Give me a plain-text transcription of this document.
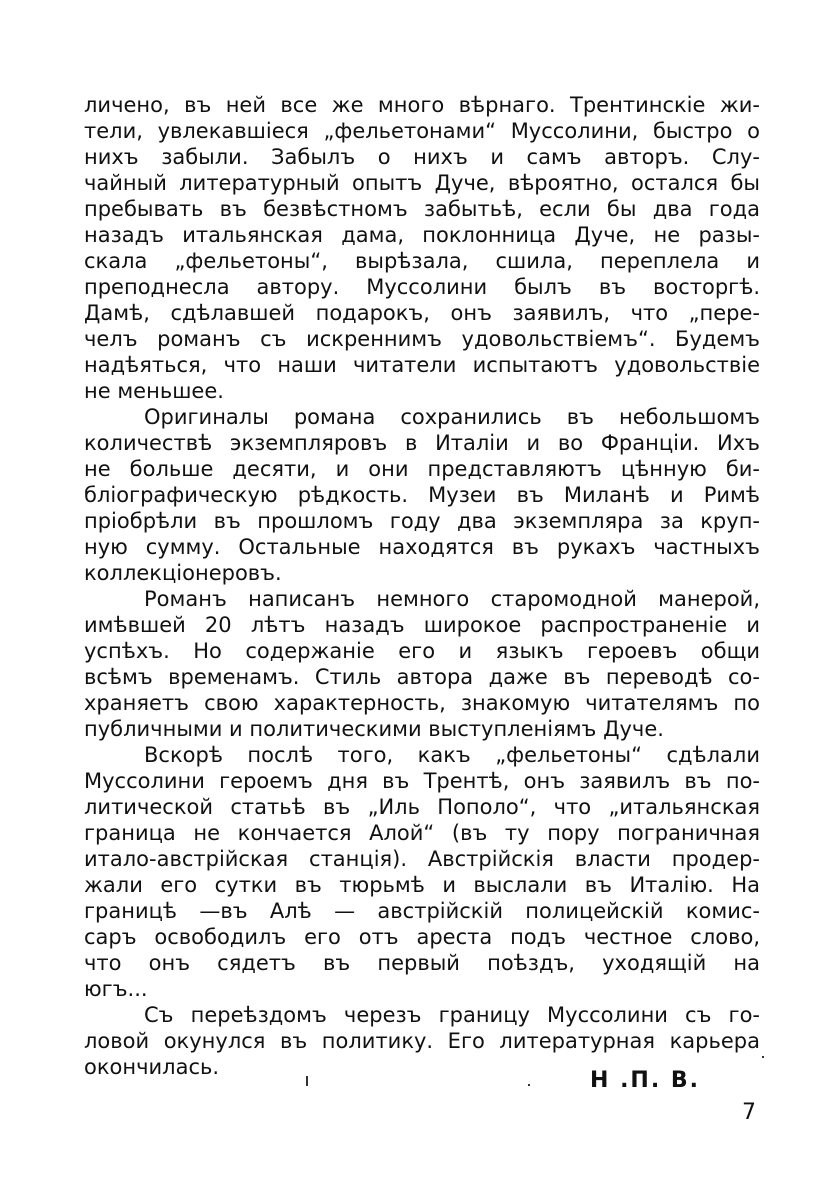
личено, въ ней все же много вѣрнаго. Трентинскіе жи-
тели, увлекавшіеся „фельетонами“ Муссолини, быстро о
нихъ забыли. Забылъ о нихъ и самъ авторъ. Слу-
чайный литературный опытъ Дуче, вѣроятно, остался бы
пребывать въ безвѣстномъ забытьѣ, если бы два года
назадъ итальянская дама, поклонница Дуче, не разы-
скала „фельетоны“, вырѣзала, сшила, переплела и
преподнесла автору. Муссолини былъ въ восторгѣ.
Дамѣ, сдѣлавшей подарокъ, онъ заявилъ, что „пере-
челъ романъ съ искреннимъ удовольствіемъ“. Будемъ
надѣяться, что наши читатели испытаютъ удовольствіе
не меньшее.
Оригиналы романа сохранились въ небольшомъ
количествѣ экземпляровъ в Италіи и во Франціи. Ихъ
не больше десяти, и они представляютъ цѣнную би-
бліографическую рѣдкость. Музеи въ Миланѣ и Римѣ
пріобрѣли въ прошломъ году два экземпляра за круп-
ную сумму. Остальные находятся въ рукахъ частныхъ
коллекціонеровъ.
Романъ написанъ немного старомодной манерой,
имѣвшей 20 лѣтъ назадъ широкое распространеніе и
успѣхъ. Но содержаніе его и языкъ героевъ общи
всѣмъ временамъ. Стиль автора даже въ переводѣ со-
храняетъ свою характерность, знакомую читателямъ по
публичными и политическими выступленіямъ Дуче.
Вскорѣ послѣ того, какъ „фельетоны“ сдѣлали
Муссолини героемъ дня въ Трентѣ, онъ заявилъ въ по-
литической статьѣ въ „Иль Пополо“, что „итальянская
граница не кончается Алой“ (въ ту пору пограничная
итало-австрійская станція). Австрійскія власти продер-
жали его сутки въ тюрьмѣ и выслали въ Италію. На
границѣ —въ Алѣ — австрійскій полицейскій комис-
саръ освободилъ его отъ ареста подъ честное слово,
что онъ сядетъ въ первый поѣздъ, уходящій на
югъ...
Съ переѣздомъ черезъ границу Муссолини съ го-
ловой окунулся въ политику. Его литературная карьера
окончилась.
Н .П. В.
7
